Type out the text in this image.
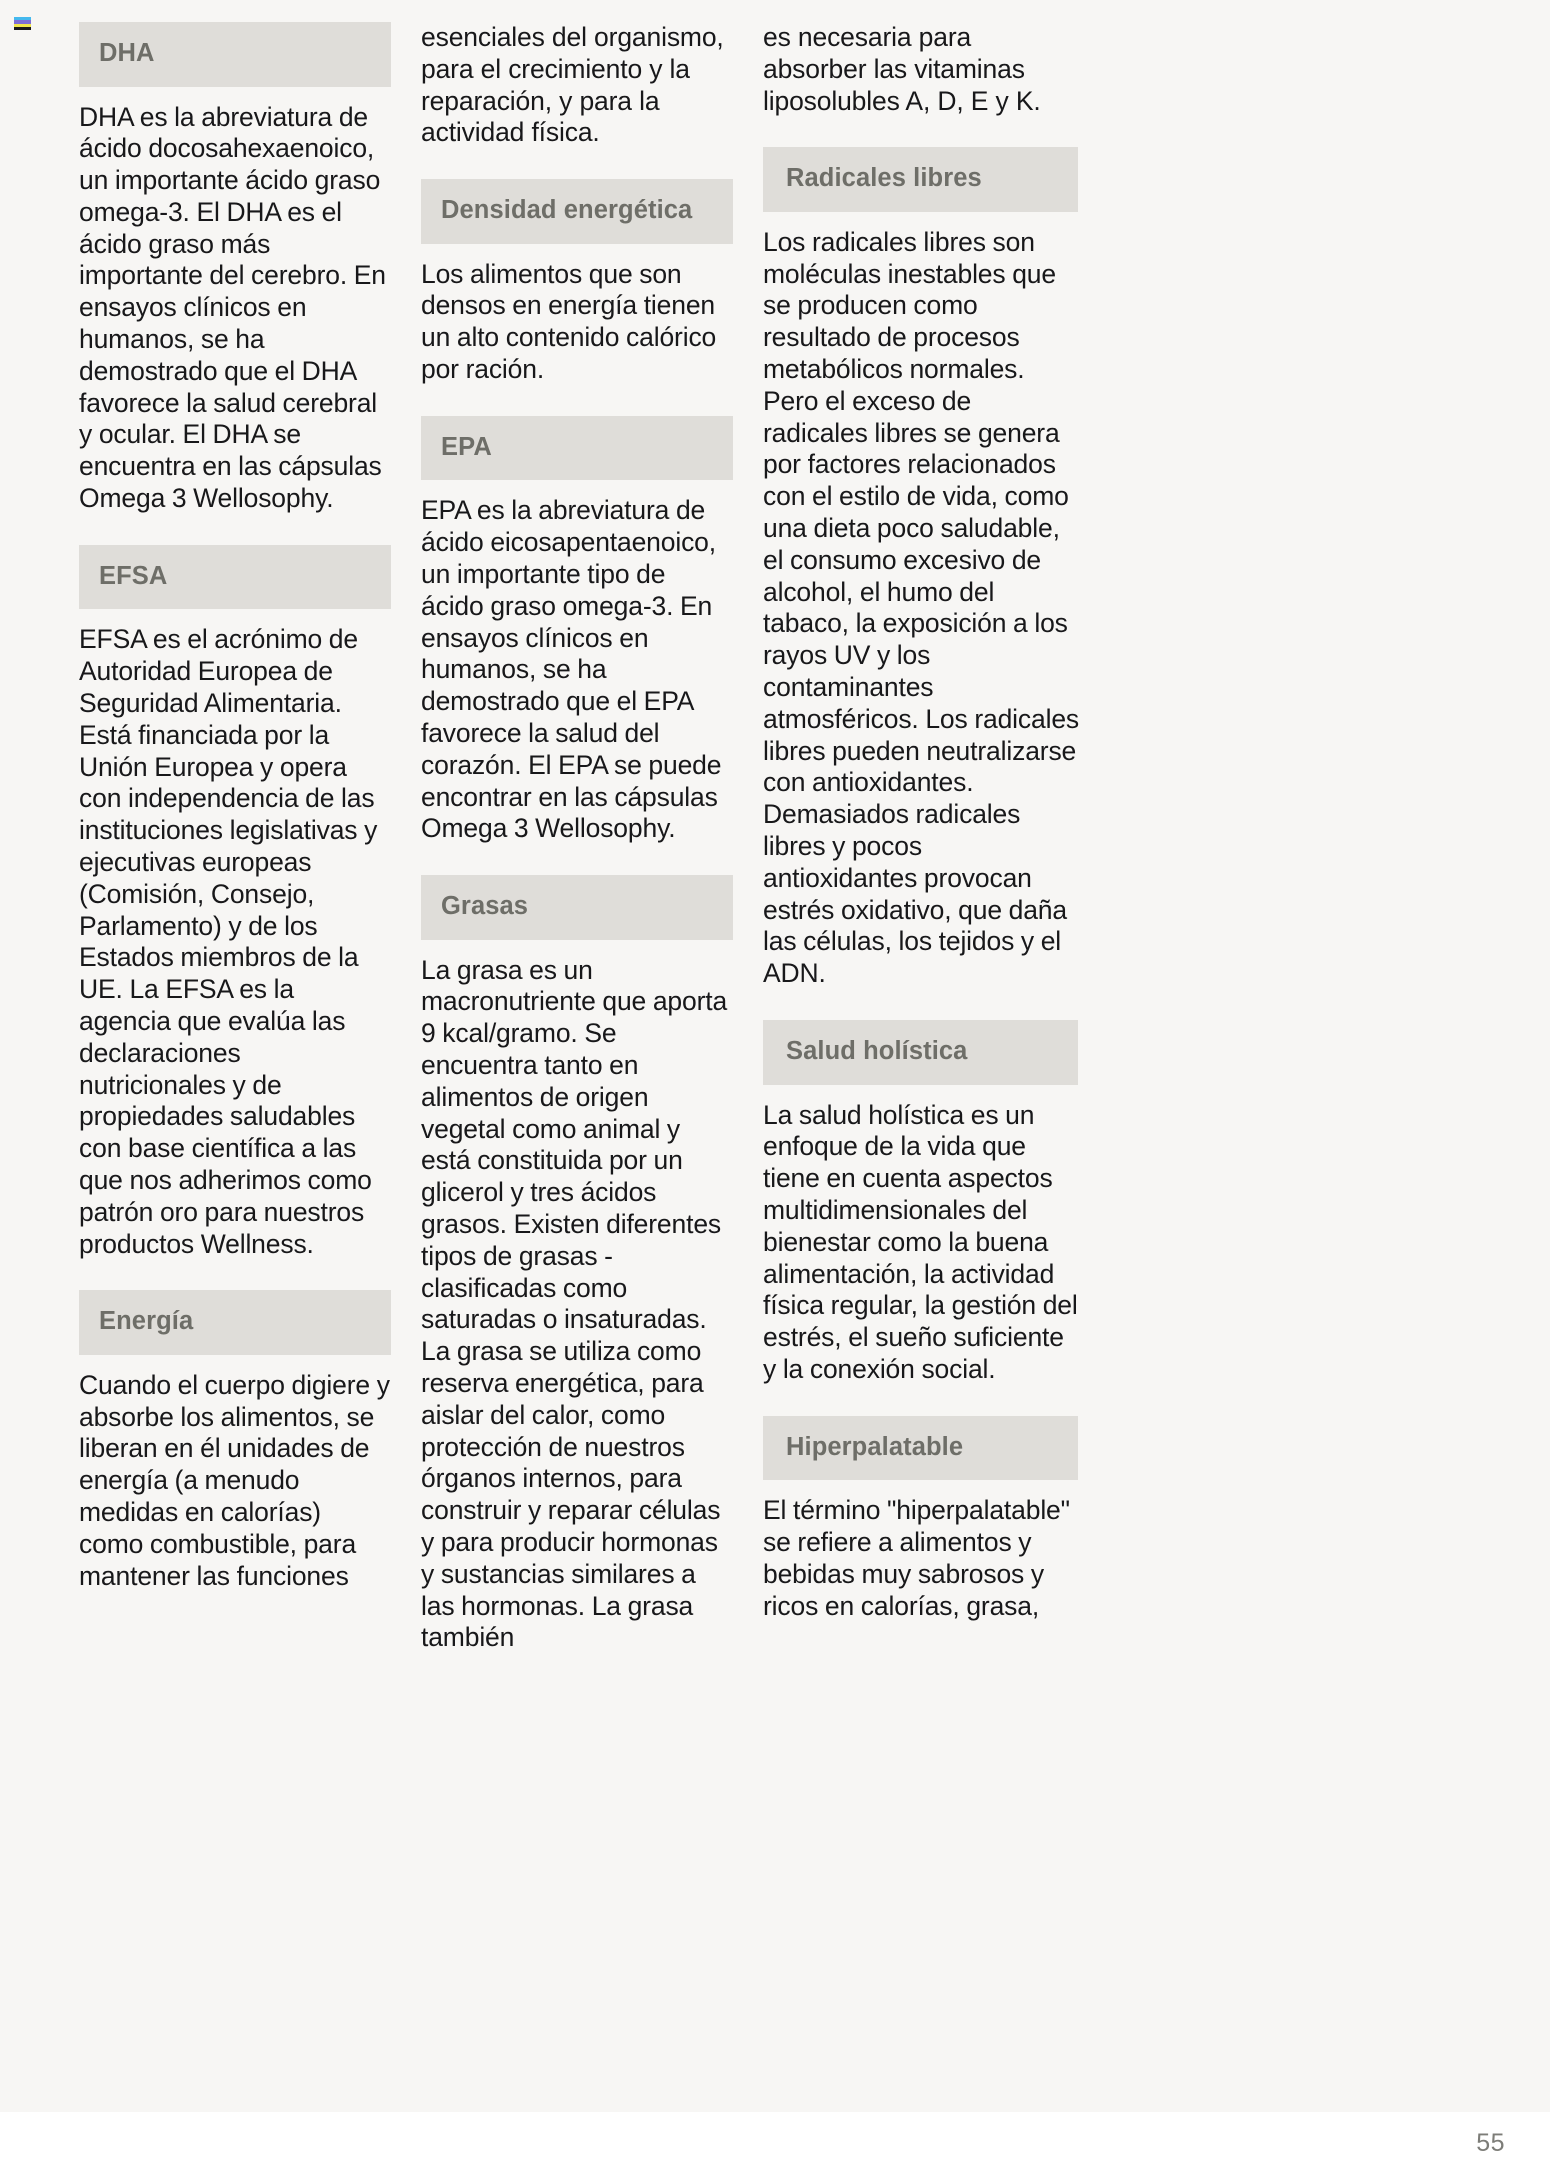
DHA
DHA es la abreviatura de ácido docosahexaenoico, un importante ácido graso omega-3. El DHA es el ácido graso más importante del cerebro. En ensayos clínicos en humanos, se ha demostrado que el DHA favorece la salud cerebral y ocular. El DHA se encuentra en las cápsulas Omega 3 Wellosophy.
EFSA
EFSA es el acrónimo de Autoridad Europea de Seguridad Alimentaria. Está financiada por la Unión Europea y opera con independencia de las instituciones legislativas y ejecutivas europeas (Comisión, Consejo, Parlamento) y de los Estados miembros de la UE. La EFSA es la agencia que evalúa las declaraciones nutricionales y de propiedades saludables con base científica a las que nos adherimos como patrón oro para nuestros productos Wellness.
Energía
Cuando el cuerpo digiere y absorbe los alimentos, se liberan en él unidades de energía (a menudo medidas en calorías) como combustible, para mantener las funciones
esenciales del organismo, para el crecimiento y la reparación, y para la actividad física.
Densidad energética
Los alimentos que son densos en energía tienen un alto contenido calórico por ración.
EPA
EPA es la abreviatura de ácido eicosapentaenoico, un importante tipo de ácido graso omega-3. En ensayos clínicos en humanos, se ha demostrado que el EPA favorece la salud del corazón. El EPA se puede encontrar en las cápsulas Omega 3 Wellosophy.
Grasas
La grasa es un macronutriente que aporta 9 kcal/gramo. Se encuentra tanto en alimentos de origen vegetal como animal y está constituida por un glicerol y tres ácidos grasos. Existen diferentes tipos de grasas - clasificadas como saturadas o insaturadas. La grasa se utiliza como reserva energética, para aislar del calor, como protección de nuestros órganos internos, para construir y reparar células y para producir hormonas y sustancias similares a las hormonas. La grasa también
es necesaria para absorber las vitaminas liposolubles A, D, E y K.
Radicales libres
Los radicales libres son moléculas inestables que se producen como resultado de procesos metabólicos normales. Pero el exceso de radicales libres se genera por factores relacionados con el estilo de vida, como una dieta poco saludable, el consumo excesivo de alcohol, el humo del tabaco, la exposición a los rayos UV y los contaminantes atmosféricos. Los radicales libres pueden neutralizarse con antioxidantes. Demasiados radicales libres y pocos antioxidantes provocan estrés oxidativo, que daña las células, los tejidos y el ADN.
Salud holística
La salud holística es un enfoque de la vida que tiene en cuenta aspectos multidimensionales del bienestar como la buena alimentación, la actividad física regular, la gestión del estrés, el sueño suficiente y la conexión social.
Hiperpalatable
El término "hiperpalatable" se refiere a alimentos y bebidas muy sabrosos y ricos en calorías, grasa,
55
